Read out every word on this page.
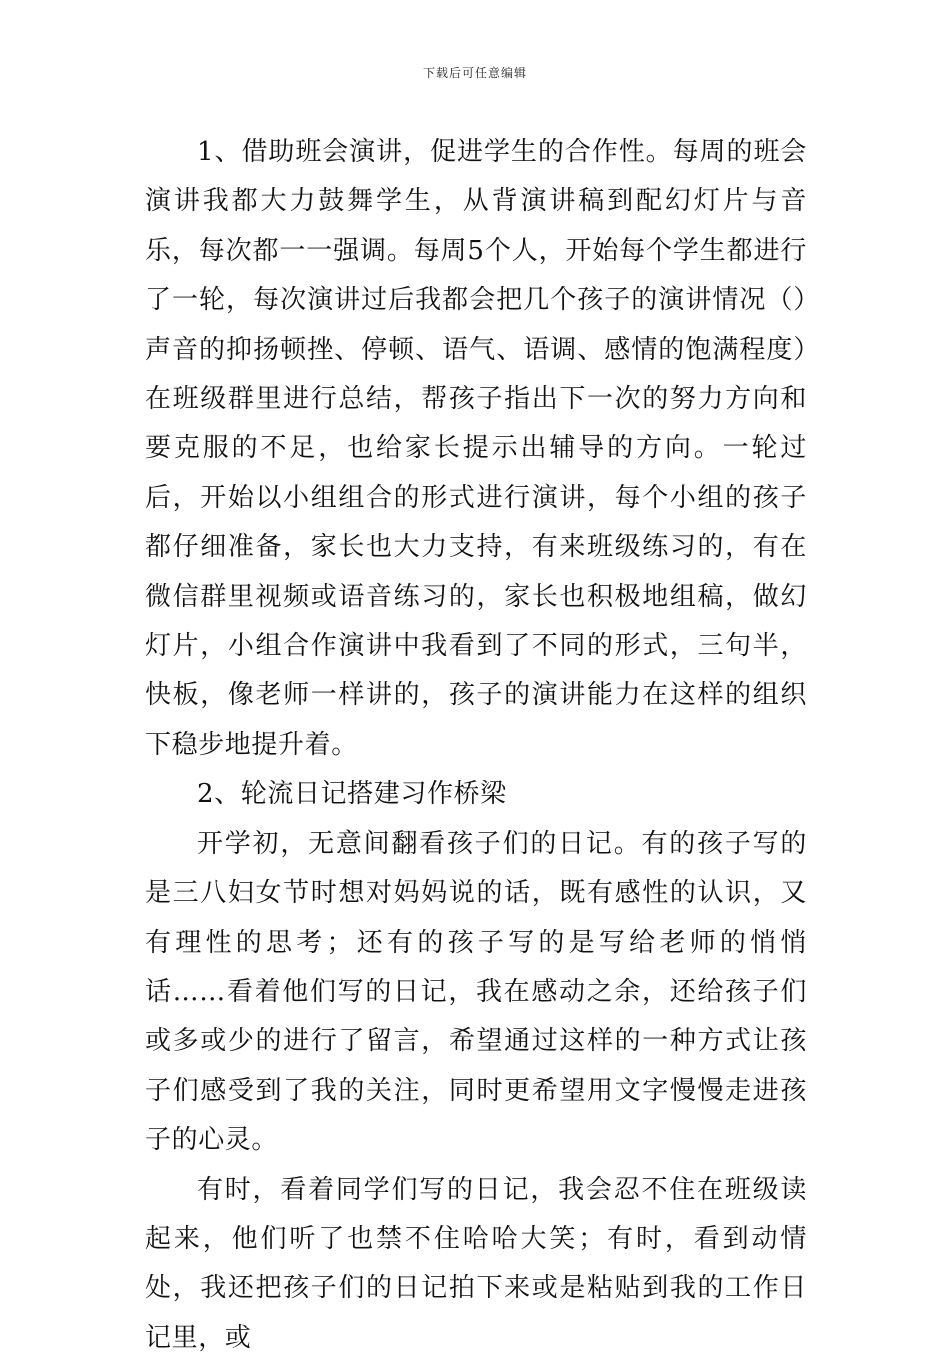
下载后可任意编辑

1、借助班会演讲，促进学生的合作性。每周的班会演讲我都大力鼓舞学生，从背演讲稿到配幻灯片与音乐，每次都一一强调。每周5个人，开始每个学生都进行了一轮，每次演讲过后我都会把几个孩子的演讲情况（）声音的抑扬顿挫、停顿、语气、语调、感情的饱满程度）在班级群里进行总结，帮孩子指出下一次的努力方向和要克服的不足，也给家长提示出辅导的方向。一轮过后，开始以小组组合的形式进行演讲，每个小组的孩子都仔细准备，家长也大力支持，有来班级练习的，有在微信群里视频或语音练习的，家长也积极地组稿，做幻灯片，小组合作演讲中我看到了不同的形式，三句半，快板，像老师一样讲的，孩子的演讲能力在这样的组织下稳步地提升着。

2、轮流日记搭建习作桥梁

开学初，无意间翻看孩子们的日记。有的孩子写的是三八妇女节时想对妈妈说的话，既有感性的认识，又有理性的思考；还有的孩子写的是写给老师的悄悄话……看着他们写的日记，我在感动之余，还给孩子们或多或少的进行了留言，希望通过这样的一种方式让孩子们感受到了我的关注，同时更希望用文字慢慢走进孩子的心灵。

有时，看着同学们写的日记，我会忍不住在班级读起来，他们听了也禁不住哈哈大笑；有时，看到动情处，我还把孩子们的日记拍下来或是粘贴到我的工作日记里，或
